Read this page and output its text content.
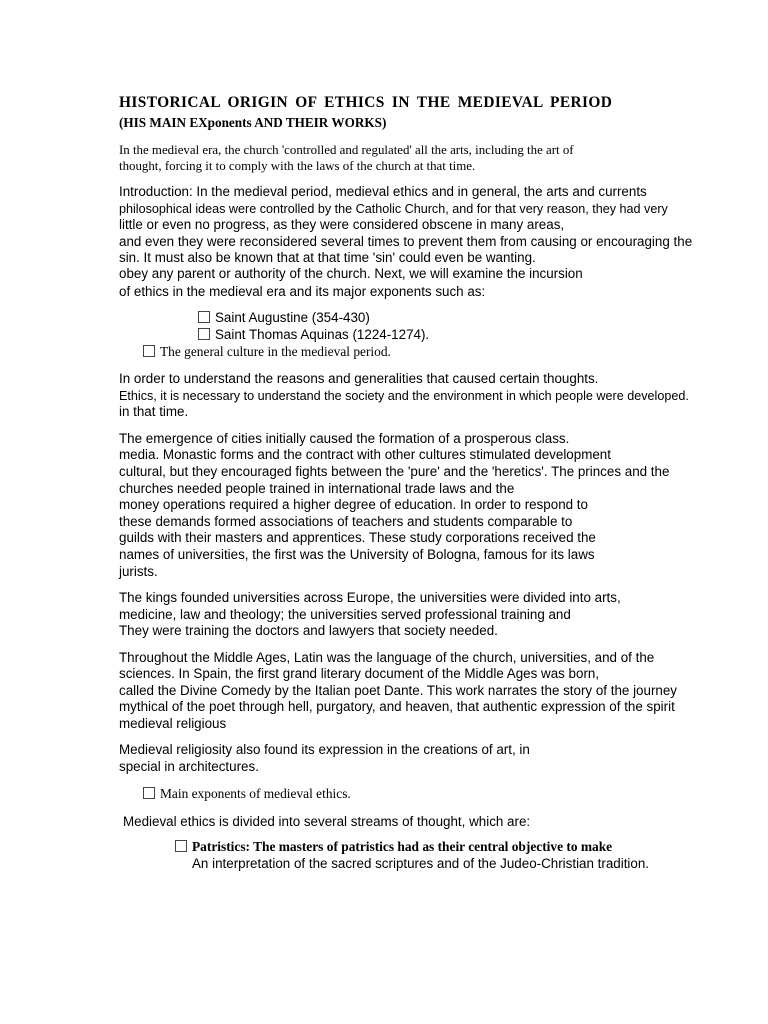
HISTORICAL ORIGIN OF ETHICS IN THE MEDIEVAL PERIOD

(HIS MAIN EXponents AND THEIR WORKS)

In the medieval era, the church 'controlled and regulated' all the arts, including the art of

thought, forcing it to comply with the laws of the church at that time.

Introduction: In the medieval period, medieval ethics and in general, the arts and currents

philosophical ideas were controlled by the Catholic Church, and for that very reason, they had very

little or even no progress, as they were considered obscene in many areas,

and even they were reconsidered several times to prevent them from causing or encouraging the

sin. It must also be known that at that time 'sin' could even be wanting.

obey any parent or authority of the church. Next, we will examine the incursion

of ethics in the medieval era and its major exponents such as:

Saint Augustine (354-430)

Saint Thomas Aquinas (1224-1274).

The general culture in the medieval period.

In order to understand the reasons and generalities that caused certain thoughts.

Ethics, it is necessary to understand the society and the environment in which people were developed.

in that time.

The emergence of cities initially caused the formation of a prosperous class.

media. Monastic forms and the contract with other cultures stimulated development

cultural, but they encouraged fights between the 'pure' and the 'heretics'. The princes and the

churches needed people trained in international trade laws and the

money operations required a higher degree of education. In order to respond to

these demands formed associations of teachers and students comparable to

guilds with their masters and apprentices. These study corporations received the

names of universities, the first was the University of Bologna, famous for its laws

jurists.

The kings founded universities across Europe, the universities were divided into arts,

medicine, law and theology; the universities served professional training and

They were training the doctors and lawyers that society needed.

Throughout the Middle Ages, Latin was the language of the church, universities, and of the

sciences. In Spain, the first grand literary document of the Middle Ages was born,

called the Divine Comedy by the Italian poet Dante. This work narrates the story of the journey

mythical of the poet through hell, purgatory, and heaven, that authentic expression of the spirit

medieval religious

Medieval religiosity also found its expression in the creations of art, in

special in architectures.

Main exponents of medieval ethics.

Medieval ethics is divided into several streams of thought, which are:

Patristics: The masters of patristics had as their central objective to make

An interpretation of the sacred scriptures and of the Judeo-Christian tradition.
